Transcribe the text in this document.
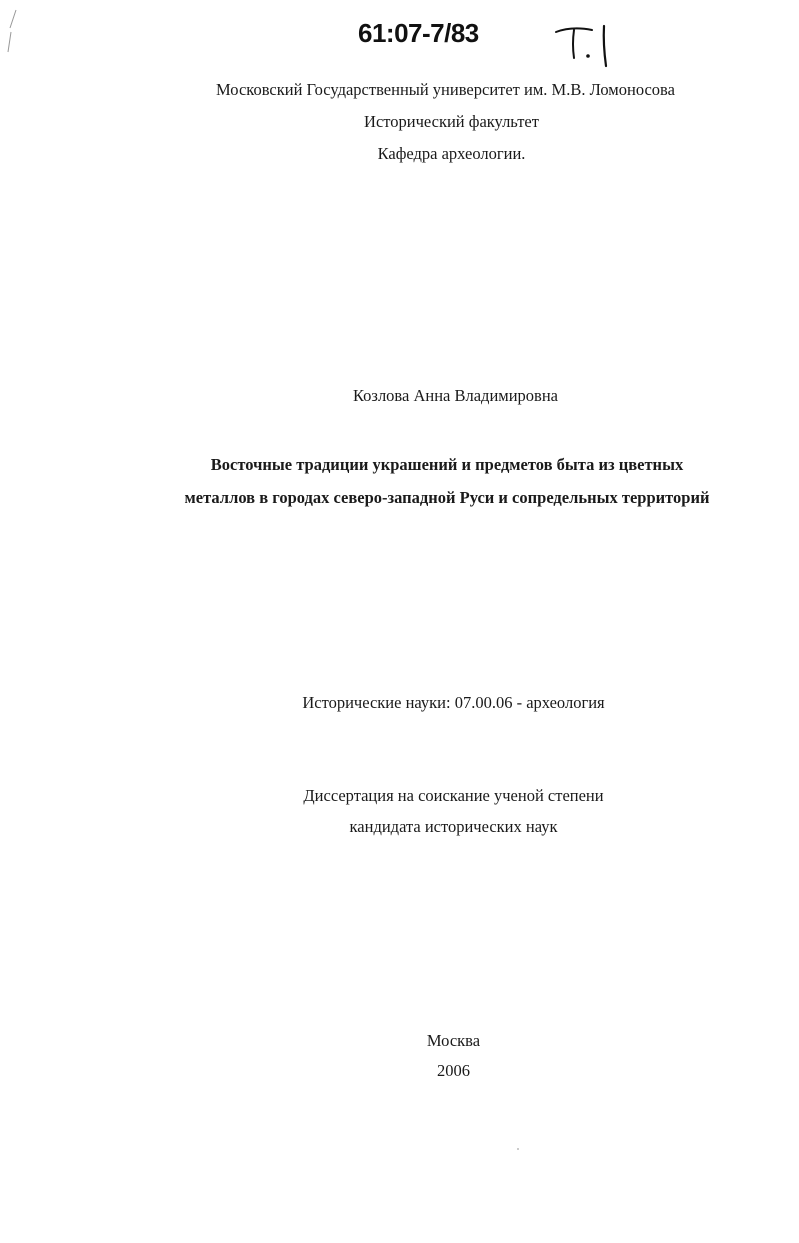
61:07-7/83
Московский Государственный университет им. М.В. Ломоносова
Исторический факультет
Кафедра археологии.
Козлова Анна Владимировна
Восточные традиции украшений и предметов быта из цветных
металлов в городах северо-западной Руси и сопредельных территорий
Исторические науки: 07.00.06 - археология
Диссертация на соискание ученой степени
кандидата исторических наук
Москва
2006
